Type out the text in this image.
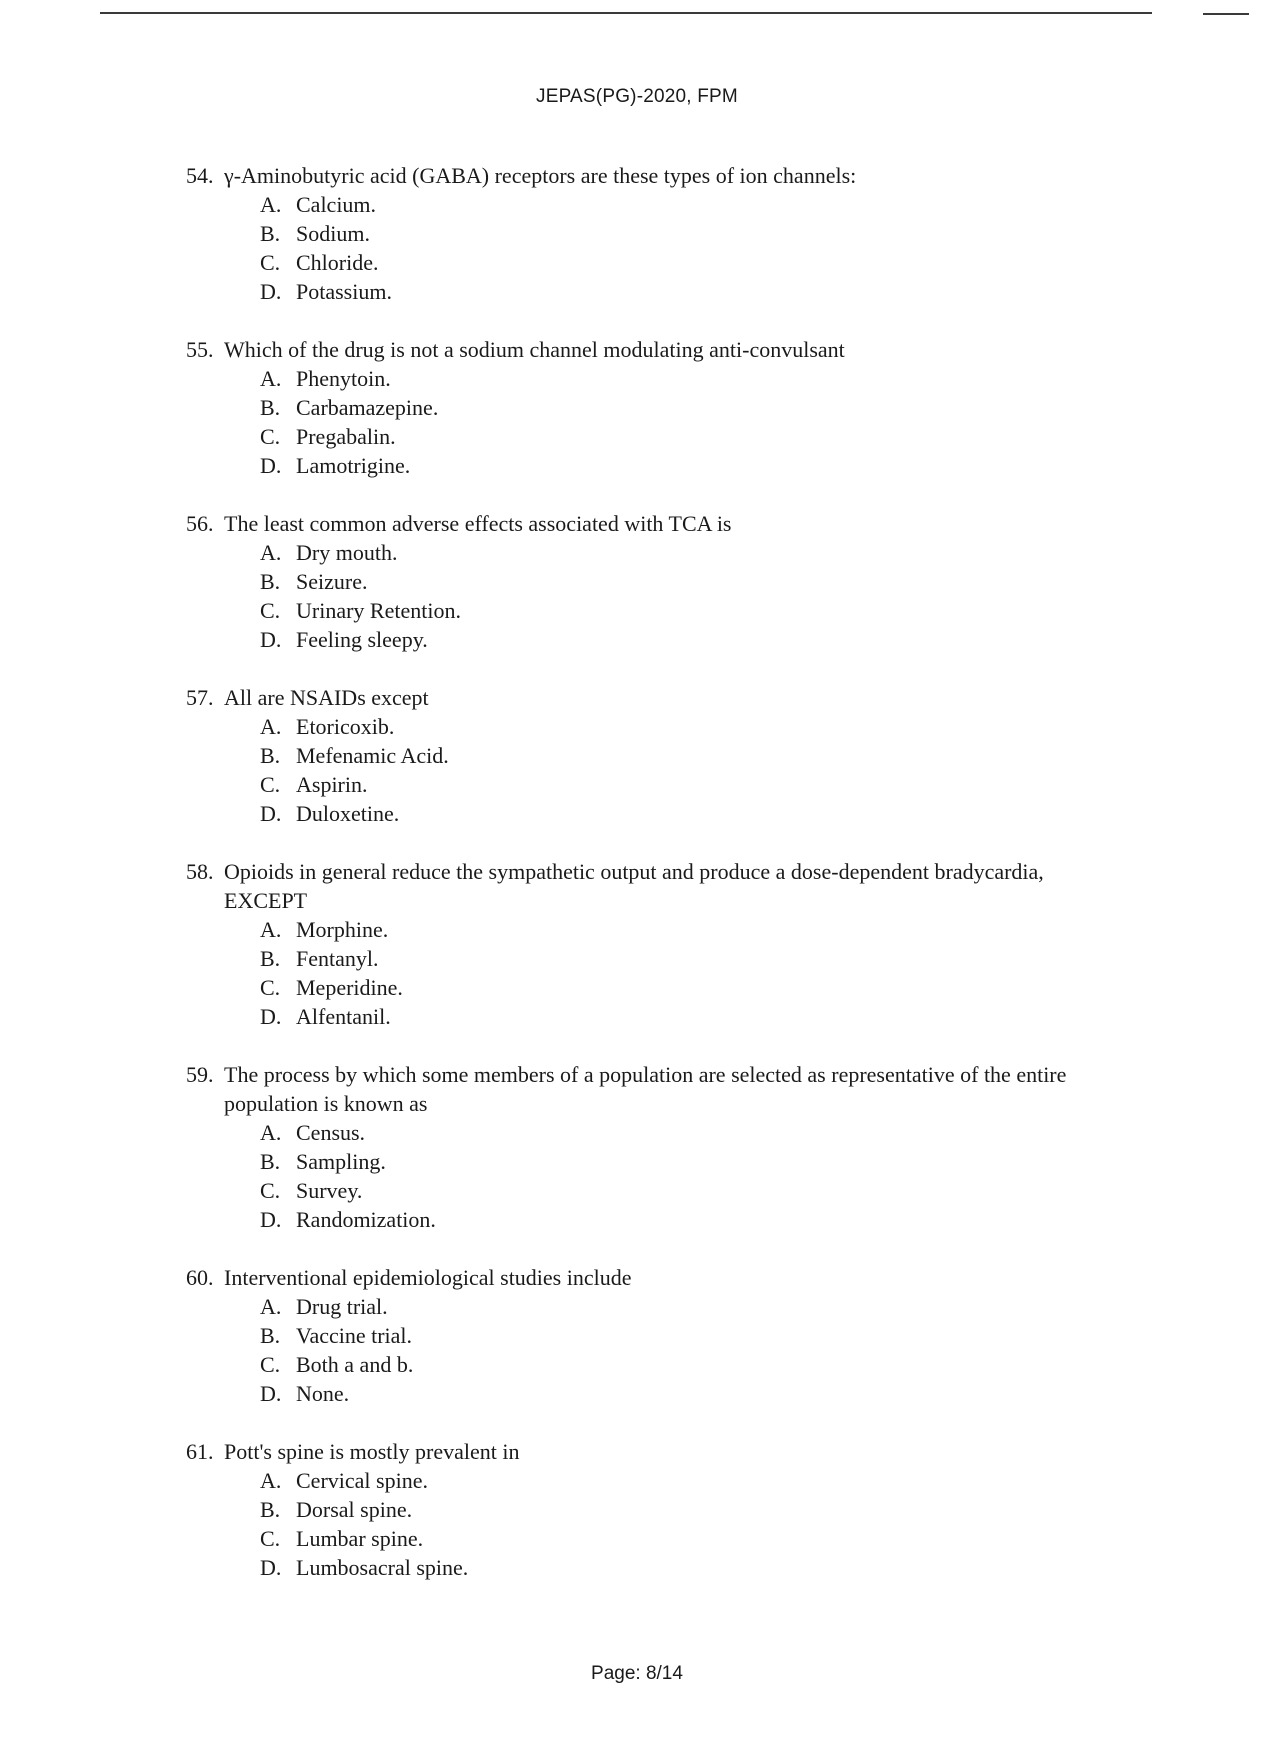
JEPAS(PG)-2020, FPM
54. γ-Aminobutyric acid (GABA) receptors are these types of ion channels:
A. Calcium.
B. Sodium.
C. Chloride.
D. Potassium.
55. Which of the drug is not a sodium channel modulating anti-convulsant
A. Phenytoin.
B. Carbamazepine.
C. Pregabalin.
D. Lamotrigine.
56. The least common adverse effects associated with TCA is
A. Dry mouth.
B. Seizure.
C. Urinary Retention.
D. Feeling sleepy.
57. All are NSAIDs except
A. Etoricoxib.
B. Mefenamic Acid.
C. Aspirin.
D. Duloxetine.
58. Opioids in general reduce the sympathetic output and produce a dose-dependent bradycardia, EXCEPT
A. Morphine.
B. Fentanyl.
C. Meperidine.
D. Alfentanil.
59. The process by which some members of a population are selected as representative of the entire population is known as
A. Census.
B. Sampling.
C. Survey.
D. Randomization.
60. Interventional epidemiological studies include
A. Drug trial.
B. Vaccine trial.
C. Both a and b.
D. None.
61. Pott's spine is mostly prevalent in
A. Cervical spine.
B. Dorsal spine.
C. Lumbar spine.
D. Lumbosacral spine.
Page: 8/14
